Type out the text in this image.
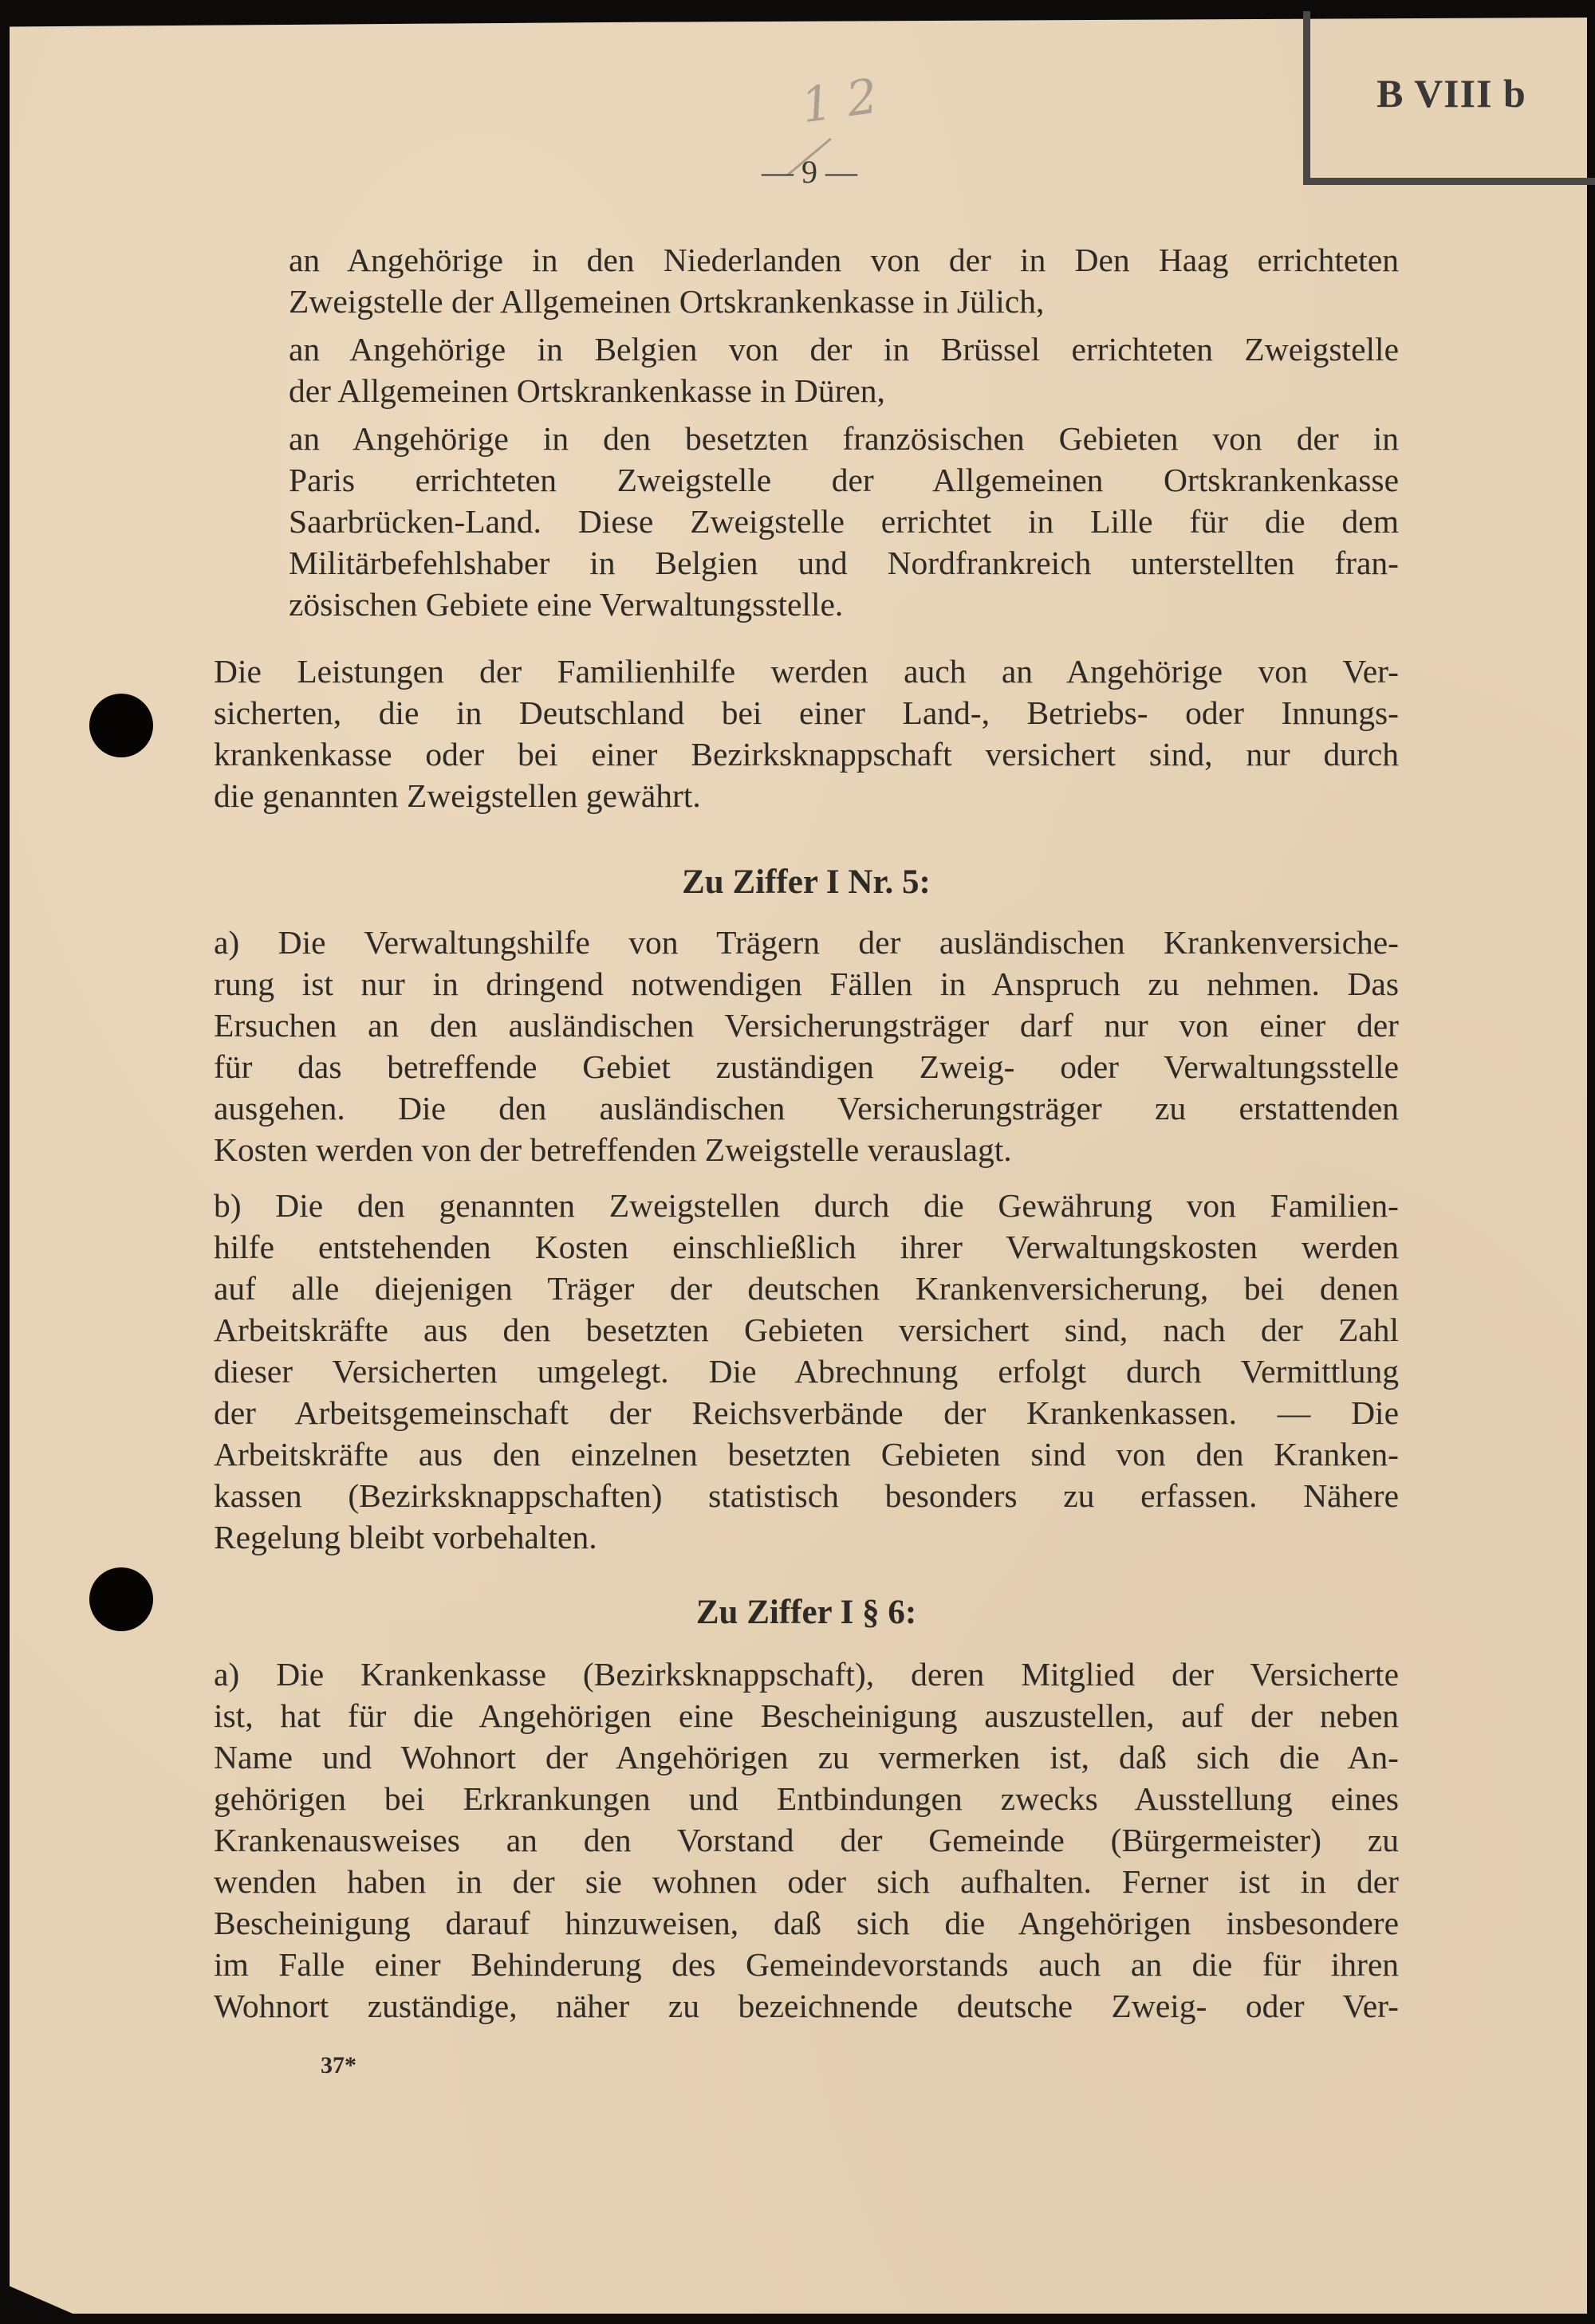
B VIII b
1 2
— 9 —
an Angehörige in den Niederlanden von der in Den Haag errichteten
Zweigstelle der Allgemeinen Ortskrankenkasse in Jülich,
an Angehörige in Belgien von der in Brüssel errichteten Zweigstelle
der Allgemeinen Ortskrankenkasse in Düren,
an Angehörige in den besetzten französischen Gebieten von der in
Paris errichteten Zweigstelle der Allgemeinen Ortskrankenkasse
Saarbrücken-Land. Diese Zweigstelle errichtet in Lille für die dem
Militärbefehlshaber in Belgien und Nordfrankreich unterstellten fran-
zösischen Gebiete eine Verwaltungsstelle.
Die Leistungen der Familienhilfe werden auch an Angehörige von Ver-
sicherten, die in Deutschland bei einer Land-, Betriebs- oder Innungs-
krankenkasse oder bei einer Bezirksknappschaft versichert sind, nur durch
die genannten Zweigstellen gewährt.
Zu Ziffer I Nr. 5:
a) Die Verwaltungshilfe von Trägern der ausländischen Krankenversiche-
rung ist nur in dringend notwendigen Fällen in Anspruch zu nehmen. Das
Ersuchen an den ausländischen Versicherungsträger darf nur von einer der
für das betreffende Gebiet zuständigen Zweig- oder Verwaltungsstelle
ausgehen. Die den ausländischen Versicherungsträger zu erstattenden
Kosten werden von der betreffenden Zweigstelle verauslagt.
b) Die den genannten Zweigstellen durch die Gewährung von Familien-
hilfe entstehenden Kosten einschließlich ihrer Verwaltungskosten werden
auf alle diejenigen Träger der deutschen Krankenversicherung, bei denen
Arbeitskräfte aus den besetzten Gebieten versichert sind, nach der Zahl
dieser Versicherten umgelegt. Die Abrechnung erfolgt durch Vermittlung
der Arbeitsgemeinschaft der Reichsverbände der Krankenkassen. — Die
Arbeitskräfte aus den einzelnen besetzten Gebieten sind von den Kranken-
kassen (Bezirksknappschaften) statistisch besonders zu erfassen. Nähere
Regelung bleibt vorbehalten.
Zu Ziffer I § 6:
a) Die Krankenkasse (Bezirksknappschaft), deren Mitglied der Versicherte
ist, hat für die Angehörigen eine Bescheinigung auszustellen, auf der neben
Name und Wohnort der Angehörigen zu vermerken ist, daß sich die An-
gehörigen bei Erkrankungen und Entbindungen zwecks Ausstellung eines
Krankenausweises an den Vorstand der Gemeinde (Bürgermeister) zu
wenden haben in der sie wohnen oder sich aufhalten. Ferner ist in der
Bescheinigung darauf hinzuweisen, daß sich die Angehörigen insbesondere
im Falle einer Behinderung des Gemeindevorstands auch an die für ihren
Wohnort zuständige, näher zu bezeichnende deutsche Zweig- oder Ver-
37*
